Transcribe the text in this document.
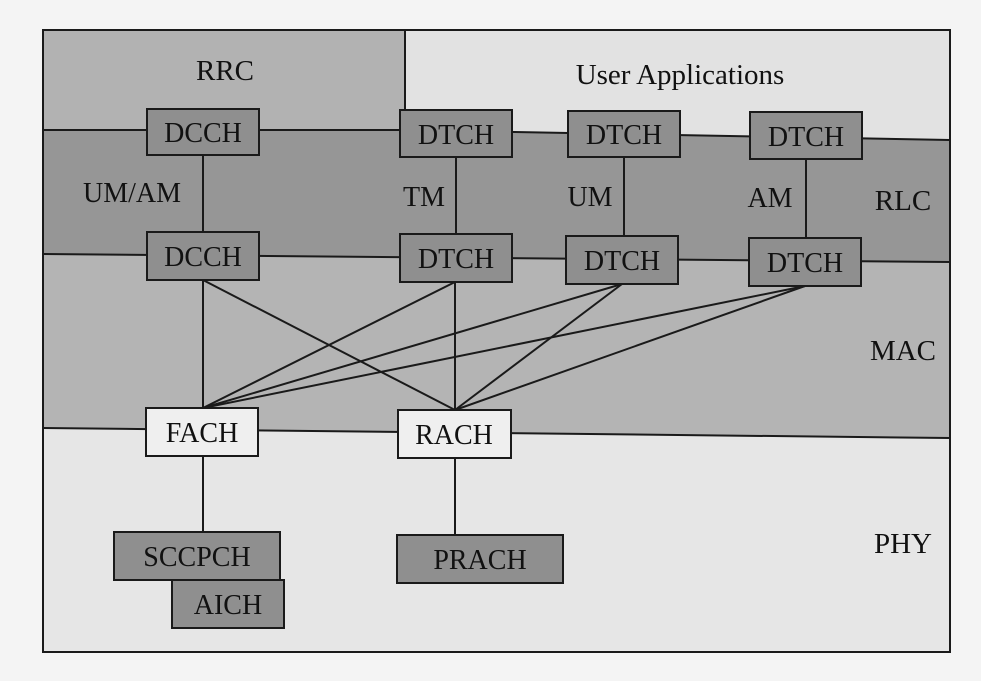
RRC	User Applications
RLC
MAC
PHY
UM/AM	TM	UM	AM
DCCH	DTCH	DTCH	DTCH
DCCH	DTCH	DTCH	DTCH
FACH	RACH
AICH
SCCPCH	PRACH
